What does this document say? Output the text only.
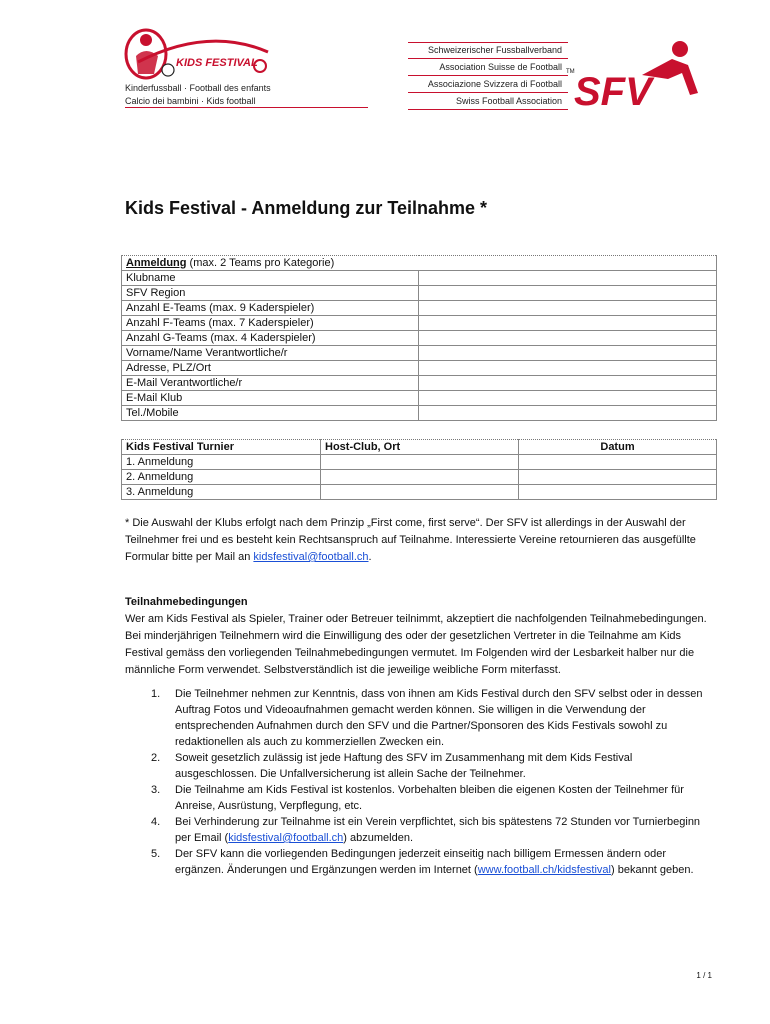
KIDS FESTIVAL
Kinderfussball · Football des enfants
Calcio dei bambini · Kids football
Schweizerischer Fussballverband
Association Suisse de Football
Associazione Svizzera di Football
Swiss Football Association
TM SFV
Kids Festival - Anmeldung zur Teilnahme *
Anmeldung (max. 2 Teams pro Kategorie)	
Klubname	
SFV Region	
Anzahl E-Teams (max. 9 Kaderspieler)	
Anzahl F-Teams (max. 7 Kaderspieler)	
Anzahl G-Teams (max. 4 Kaderspieler)	
Vorname/Name Verantwortliche/r	
Adresse, PLZ/Ort	
E-Mail Verantwortliche/r	
E-Mail Klub	
Tel./Mobile	
Kids Festival Turnier	Host-Club, Ort	Datum
1. Anmeldung		
2. Anmeldung		
3. Anmeldung		
* Die Auswahl der Klubs erfolgt nach dem Prinzip „First come, first serve“. Der SFV ist allerdings in der Auswahl der Teilnehmer frei und es besteht kein Rechtsanspruch auf Teilnahme. Interessierte Vereine retournieren das ausgefüllte Formular bitte per Mail an kidsfestival@football.ch.
Teilnahmebedingungen
Wer am Kids Festival als Spieler, Trainer oder Betreuer teilnimmt, akzeptiert die nachfolgenden Teilnahmebedingungen. Bei minderjährigen Teilnehmern wird die Einwilligung des oder der gesetzlichen Vertreter in die Teilnahme am Kids Festival gemäss den vorliegenden Teilnahmebedingungen vermutet. Im Folgenden wird der Lesbarkeit halber nur die männliche Form verwendet. Selbstverständlich ist die jeweilige weibliche Form miterfasst.
1. Die Teilnehmer nehmen zur Kenntnis, dass von ihnen am Kids Festival durch den SFV selbst oder in dessen Auftrag Fotos und Videoaufnahmen gemacht werden können. Sie willigen in die Verwendung der entsprechenden Aufnahmen durch den SFV und die Partner/Sponsoren des Kids Festivals sowohl zu redaktionellen als auch zu kommerziellen Zwecken ein.
2. Soweit gesetzlich zulässig ist jede Haftung des SFV im Zusammenhang mit dem Kids Festival ausgeschlossen. Die Unfallversicherung ist allein Sache der Teilnehmer.
3. Die Teilnahme am Kids Festival ist kostenlos. Vorbehalten bleiben die eigenen Kosten der Teilnehmer für Anreise, Ausrüstung, Verpflegung, etc.
4. Bei Verhinderung zur Teilnahme ist ein Verein verpflichtet, sich bis spätestens 72 Stunden vor Turnierbeginn per Email (kidsfestival@football.ch) abzumelden.
5. Der SFV kann die vorliegenden Bedingungen jederzeit einseitig nach billigem Ermessen ändern oder ergänzen. Änderungen und Ergänzungen werden im Internet (www.football.ch/kidsfestival) bekannt geben.
1 / 1
